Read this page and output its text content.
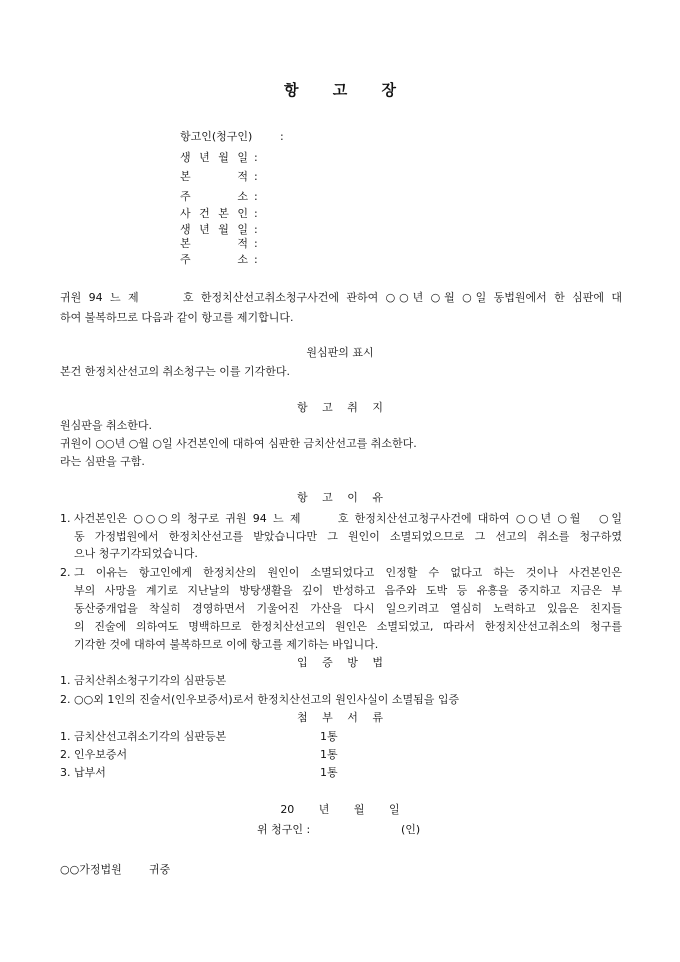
항 고 장
항고인(청구인)	:
생 년 월 일 :
본 적 :
주 소 :
사 건 본 인 :
생 년 월 일 :
본 적 :
주 소 :
귀원 94 느 제      호 한정치산선고취소청구사건에 관하여 ○○년 ○월 ○일 동법원에서 한 심판에 대
하여 불복하므로 다음과 같이 항고를 제기합니다.
원심판의 표시
본건 한정치산선고의 취소청구는 이를 기각한다.
항 고 취 지
원심판을 취소한다.
귀원이 ○○년 ○월 ○일 사건본인에 대하여 심판한 금치산선고를 취소한다.
라는 심판을 구함.
항 고 이 유
1. 사건본인은 ○○○의 청구로 귀원 94 느 제      호 한정치산선고청구사건에 대하여 ○○년 ○월   ○일
동 가정법원에서 한정치산선고를 받았습니다만 그 원인이 소멸되었으므로 그 선고의 취소를 청구하였
으나 청구기각되었습니다.
2. 그 이유는 항고인에게 한정치산의 원인이 소멸되었다고 인정할 수 없다고 하는 것이나 사건본인은
부의 사망을 계기로 지난날의 방탕생활을 깊이 반성하고 음주와 도박 등 유흥을 중지하고 지금은 부
동산중개업을 착실히 경영하면서 기울어진 가산을 다시 일으키려고 열심히 노력하고 있음은 친지들
의 진술에 의하여도 명백하므로 한정치산선고의 원인은 소멸되었고, 따라서 한정치산선고취소의 청구를
기각한 것에 대하여 불복하므로 이에 항고를 제기하는 바입니다.
입 증 방 법
1. 금치산취소청구기각의 심판등본
2. ○○외 1인의 진술서(인우보증서)로서 한정치산선고의 원인사실이 소멸됨을 입증
첨 부 서 류
1. 금치산선고취소기각의 심판등본	1통
2. 인우보증서	1통
3. 납부서	1통
20 년 월 일
위 청구인 :	(인)
○○가정법원 귀중
